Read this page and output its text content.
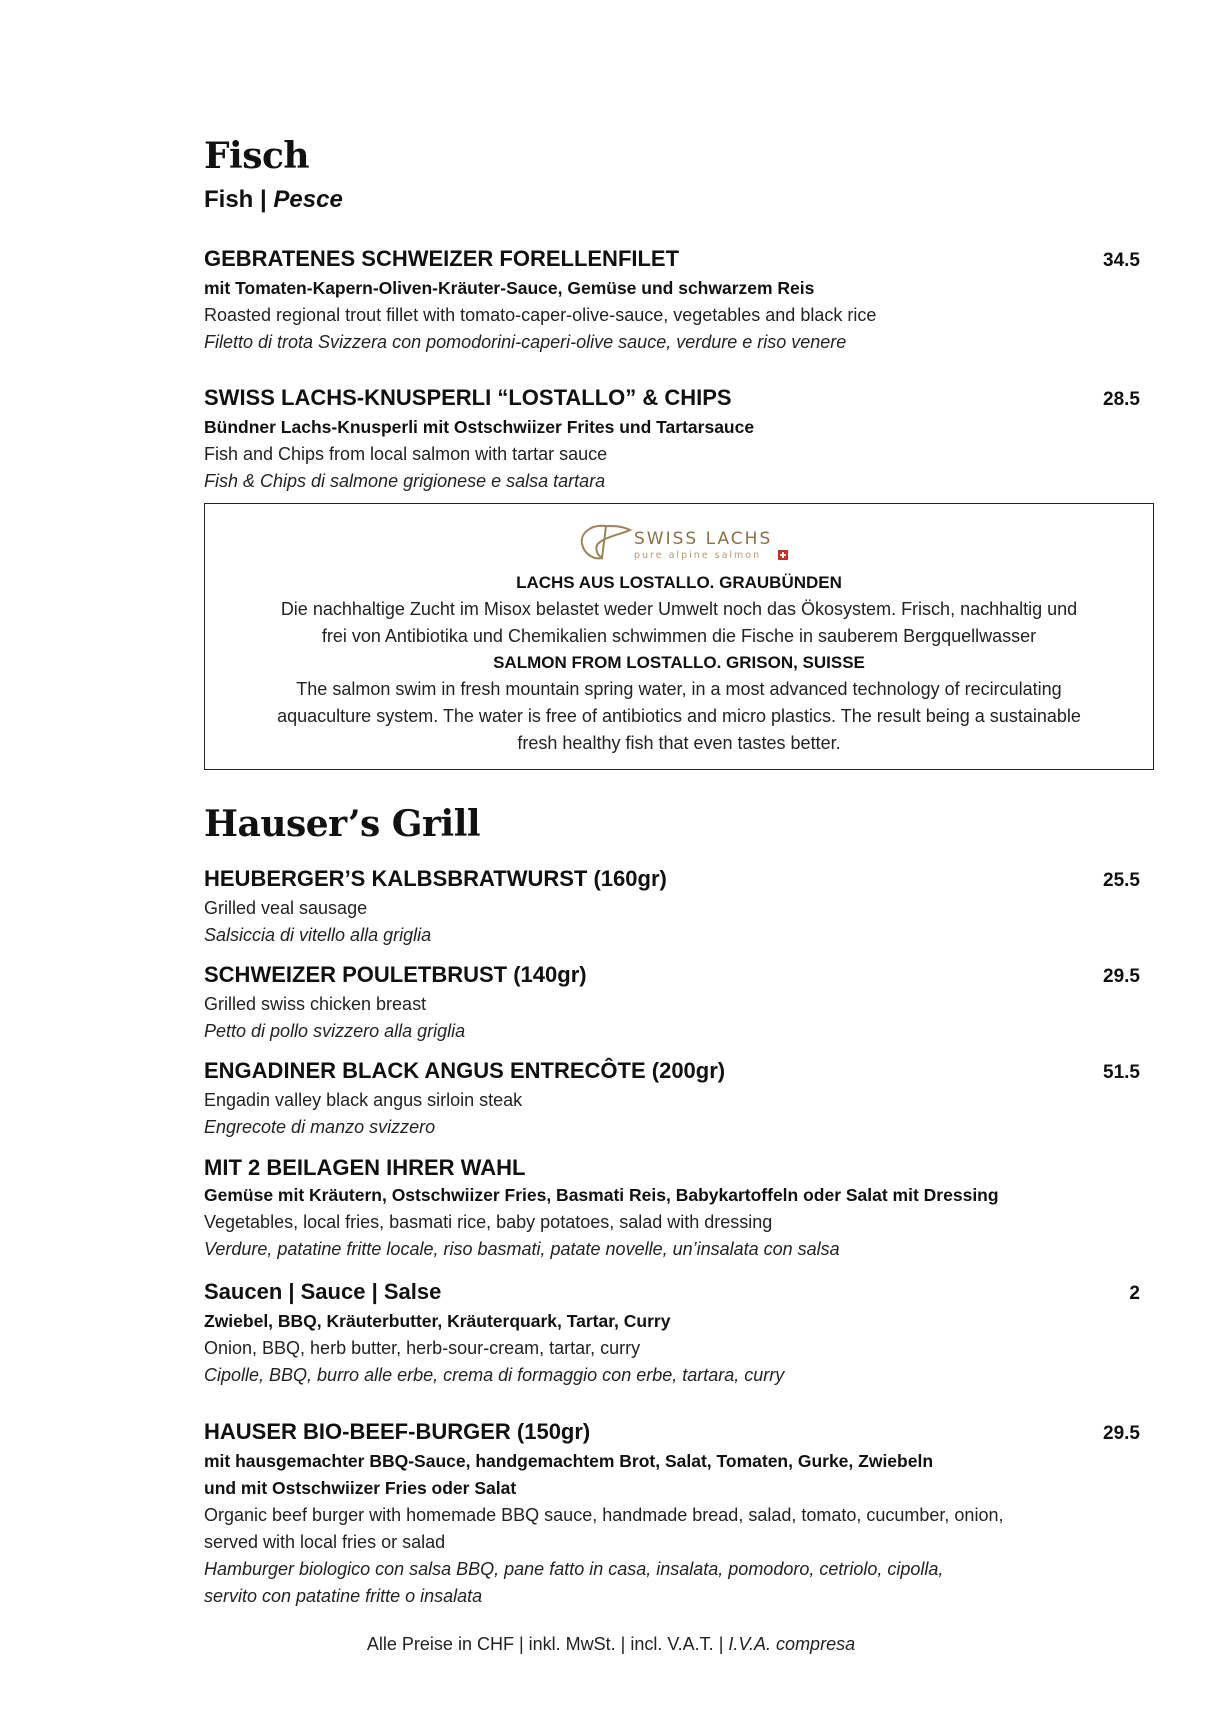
Fisch
Fish | Pesce
GEBRATENES SCHWEIZER FORELLENFILET	34.5
mit Tomaten-Kapern-Oliven-Kräuter-Sauce, Gemüse und schwarzem Reis
Roasted regional trout fillet with tomato-caper-olive-sauce, vegetables and black rice
Filetto di trota Svizzera con pomodorini-caperi-olive sauce, verdure e riso venere
SWISS LACHS-KNUSPERLI “LOSTALLO” & CHIPS	28.5
Bündner Lachs-Knusperli mit Ostschwiizer Frites und Tartarsauce
Fish and Chips from local salmon with tartar sauce
Fish & Chips di salmone grigionese e salsa tartara
LACHS AUS LOSTALLO. GRAUBÜNDEN
Die nachhaltige Zucht im Misox belastet weder Umwelt noch das Ökosystem. Frisch, nachhaltig und
frei von Antibiotika und Chemikalien schwimmen die Fische in sauberem Bergquellwasser
SALMON FROM LOSTALLO. GRISON, SUISSE
The salmon swim in fresh mountain spring water, in a most advanced technology of recirculating
aquaculture system. The water is free of antibiotics and micro plastics. The result being a sustainable
fresh healthy fish that even tastes better.
SWISS LACHS
pure alpine salmon
Hauser’s Grill
HEUBERGER’S KALBSBRATWURST (160gr)	25.5
Grilled veal sausage
Salsiccia di vitello alla griglia
SCHWEIZER POULETBRUST (140gr)	29.5
Grilled swiss chicken breast
Petto di pollo svizzero alla griglia
ENGADINER BLACK ANGUS ENTRECÔTE (200gr)	51.5
Engadin valley black angus sirloin steak
Engrecote di manzo svizzero
MIT 2 BEILAGEN IHRER WAHL
Gemüse mit Kräutern, Ostschwiizer Fries, Basmati Reis, Babykartoffeln oder Salat mit Dressing
Vegetables, local fries, basmati rice, baby potatoes, salad with dressing
Verdure, patatine fritte locale, riso basmati, patate novelle, un’insalata con salsa
Saucen | Sauce | Salse	2
Zwiebel, BBQ, Kräuterbutter, Kräuterquark, Tartar, Curry
Onion, BBQ, herb butter, herb-sour-cream, tartar, curry
Cipolle, BBQ, burro alle erbe, crema di formaggio con erbe, tartara, curry
HAUSER BIO-BEEF-BURGER (150gr)	29.5
mit hausgemachter BBQ-Sauce, handgemachtem Brot, Salat, Tomaten, Gurke, Zwiebeln
und mit Ostschwiizer Fries oder Salat
Organic beef burger with homemade BBQ sauce, handmade bread, salad, tomato, cucumber, onion,
served with local fries or salad
Hamburger biologico con salsa BBQ, pane fatto in casa, insalata, pomodoro, cetriolo, cipolla,
servito con patatine fritte o insalata
Alle Preise in CHF | inkl. MwSt. | incl. V.A.T. | I.V.A. compresa
